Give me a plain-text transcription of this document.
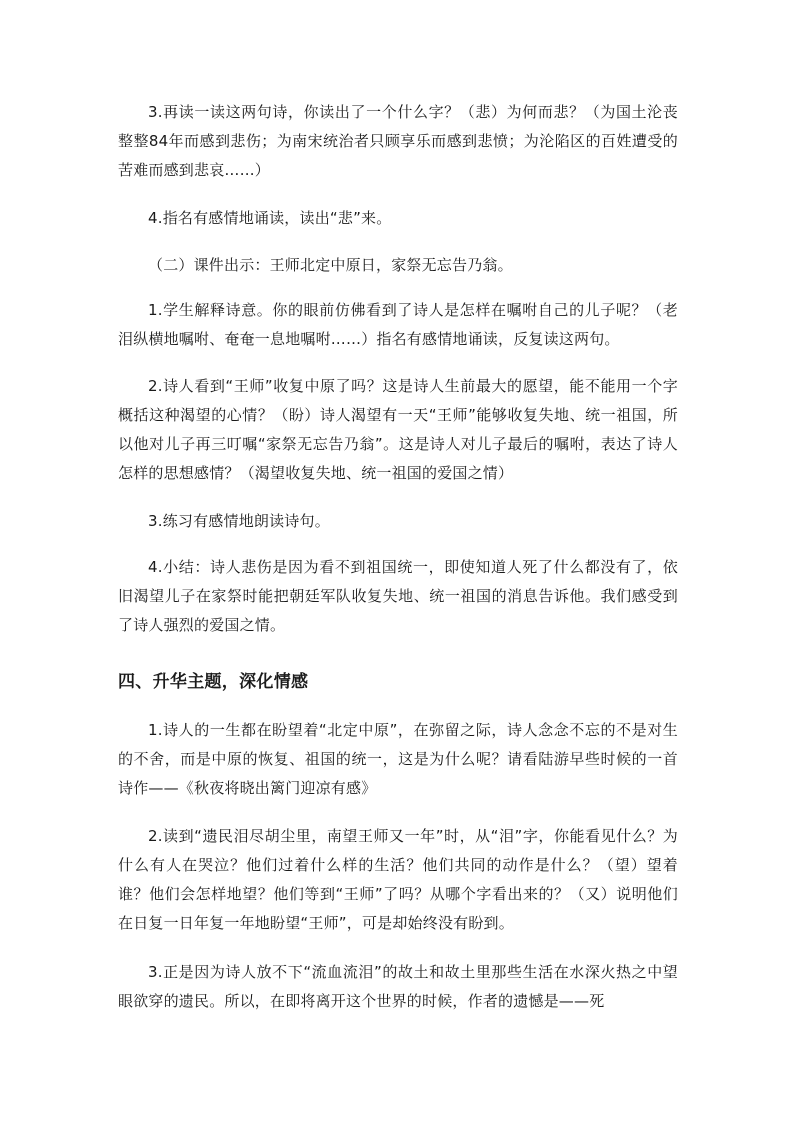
3.再读一读这两句诗，你读出了一个什么字？（悲）为何而悲？（为国土沦丧整整84年而感到悲伤；为南宋统治者只顾享乐而感到悲愤；为沦陷区的百姓遭受的苦难而感到悲哀……）

4.指名有感情地诵读，读出“悲”来。

（二）课件出示：王师北定中原日，家祭无忘告乃翁。

1.学生解释诗意。你的眼前仿佛看到了诗人是怎样在嘱咐自己的儿子呢？（老泪纵横地嘱咐、奄奄一息地嘱咐……）指名有感情地诵读，反复读这两句。

2.诗人看到“王师”收复中原了吗？这是诗人生前最大的愿望，能不能用一个字概括这种渴望的心情？（盼）诗人渴望有一天“王师”能够收复失地、统一祖国，所以他对儿子再三叮嘱“家祭无忘告乃翁”。这是诗人对儿子最后的嘱咐，表达了诗人怎样的思想感情？（渴望收复失地、统一祖国的爱国之情）

3.练习有感情地朗读诗句。

4.小结：诗人悲伤是因为看不到祖国统一，即使知道人死了什么都没有了，依旧渴望儿子在家祭时能把朝廷军队收复失地、统一祖国的消息告诉他。我们感受到了诗人强烈的爱国之情。

四、升华主题，深化情感

1.诗人的一生都在盼望着“北定中原”，在弥留之际，诗人念念不忘的不是对生的不舍，而是中原的恢复、祖国的统一，这是为什么呢？请看陆游早些时候的一首诗作——《秋夜将晓出篱门迎凉有感》

2.读到“遗民泪尽胡尘里，南望王师又一年”时，从“泪”字，你能看见什么？为什么有人在哭泣？他们过着什么样的生活？他们共同的动作是什么？（望）望着谁？他们会怎样地望？他们等到“王师”了吗？从哪个字看出来的？（又）说明他们在日复一日年复一年地盼望“王师”，可是却始终没有盼到。

3.正是因为诗人放不下“流血流泪”的故土和故土里那些生活在水深火热之中望眼欲穿的遗民。所以，在即将离开这个世界的时候，作者的遗憾是——死
